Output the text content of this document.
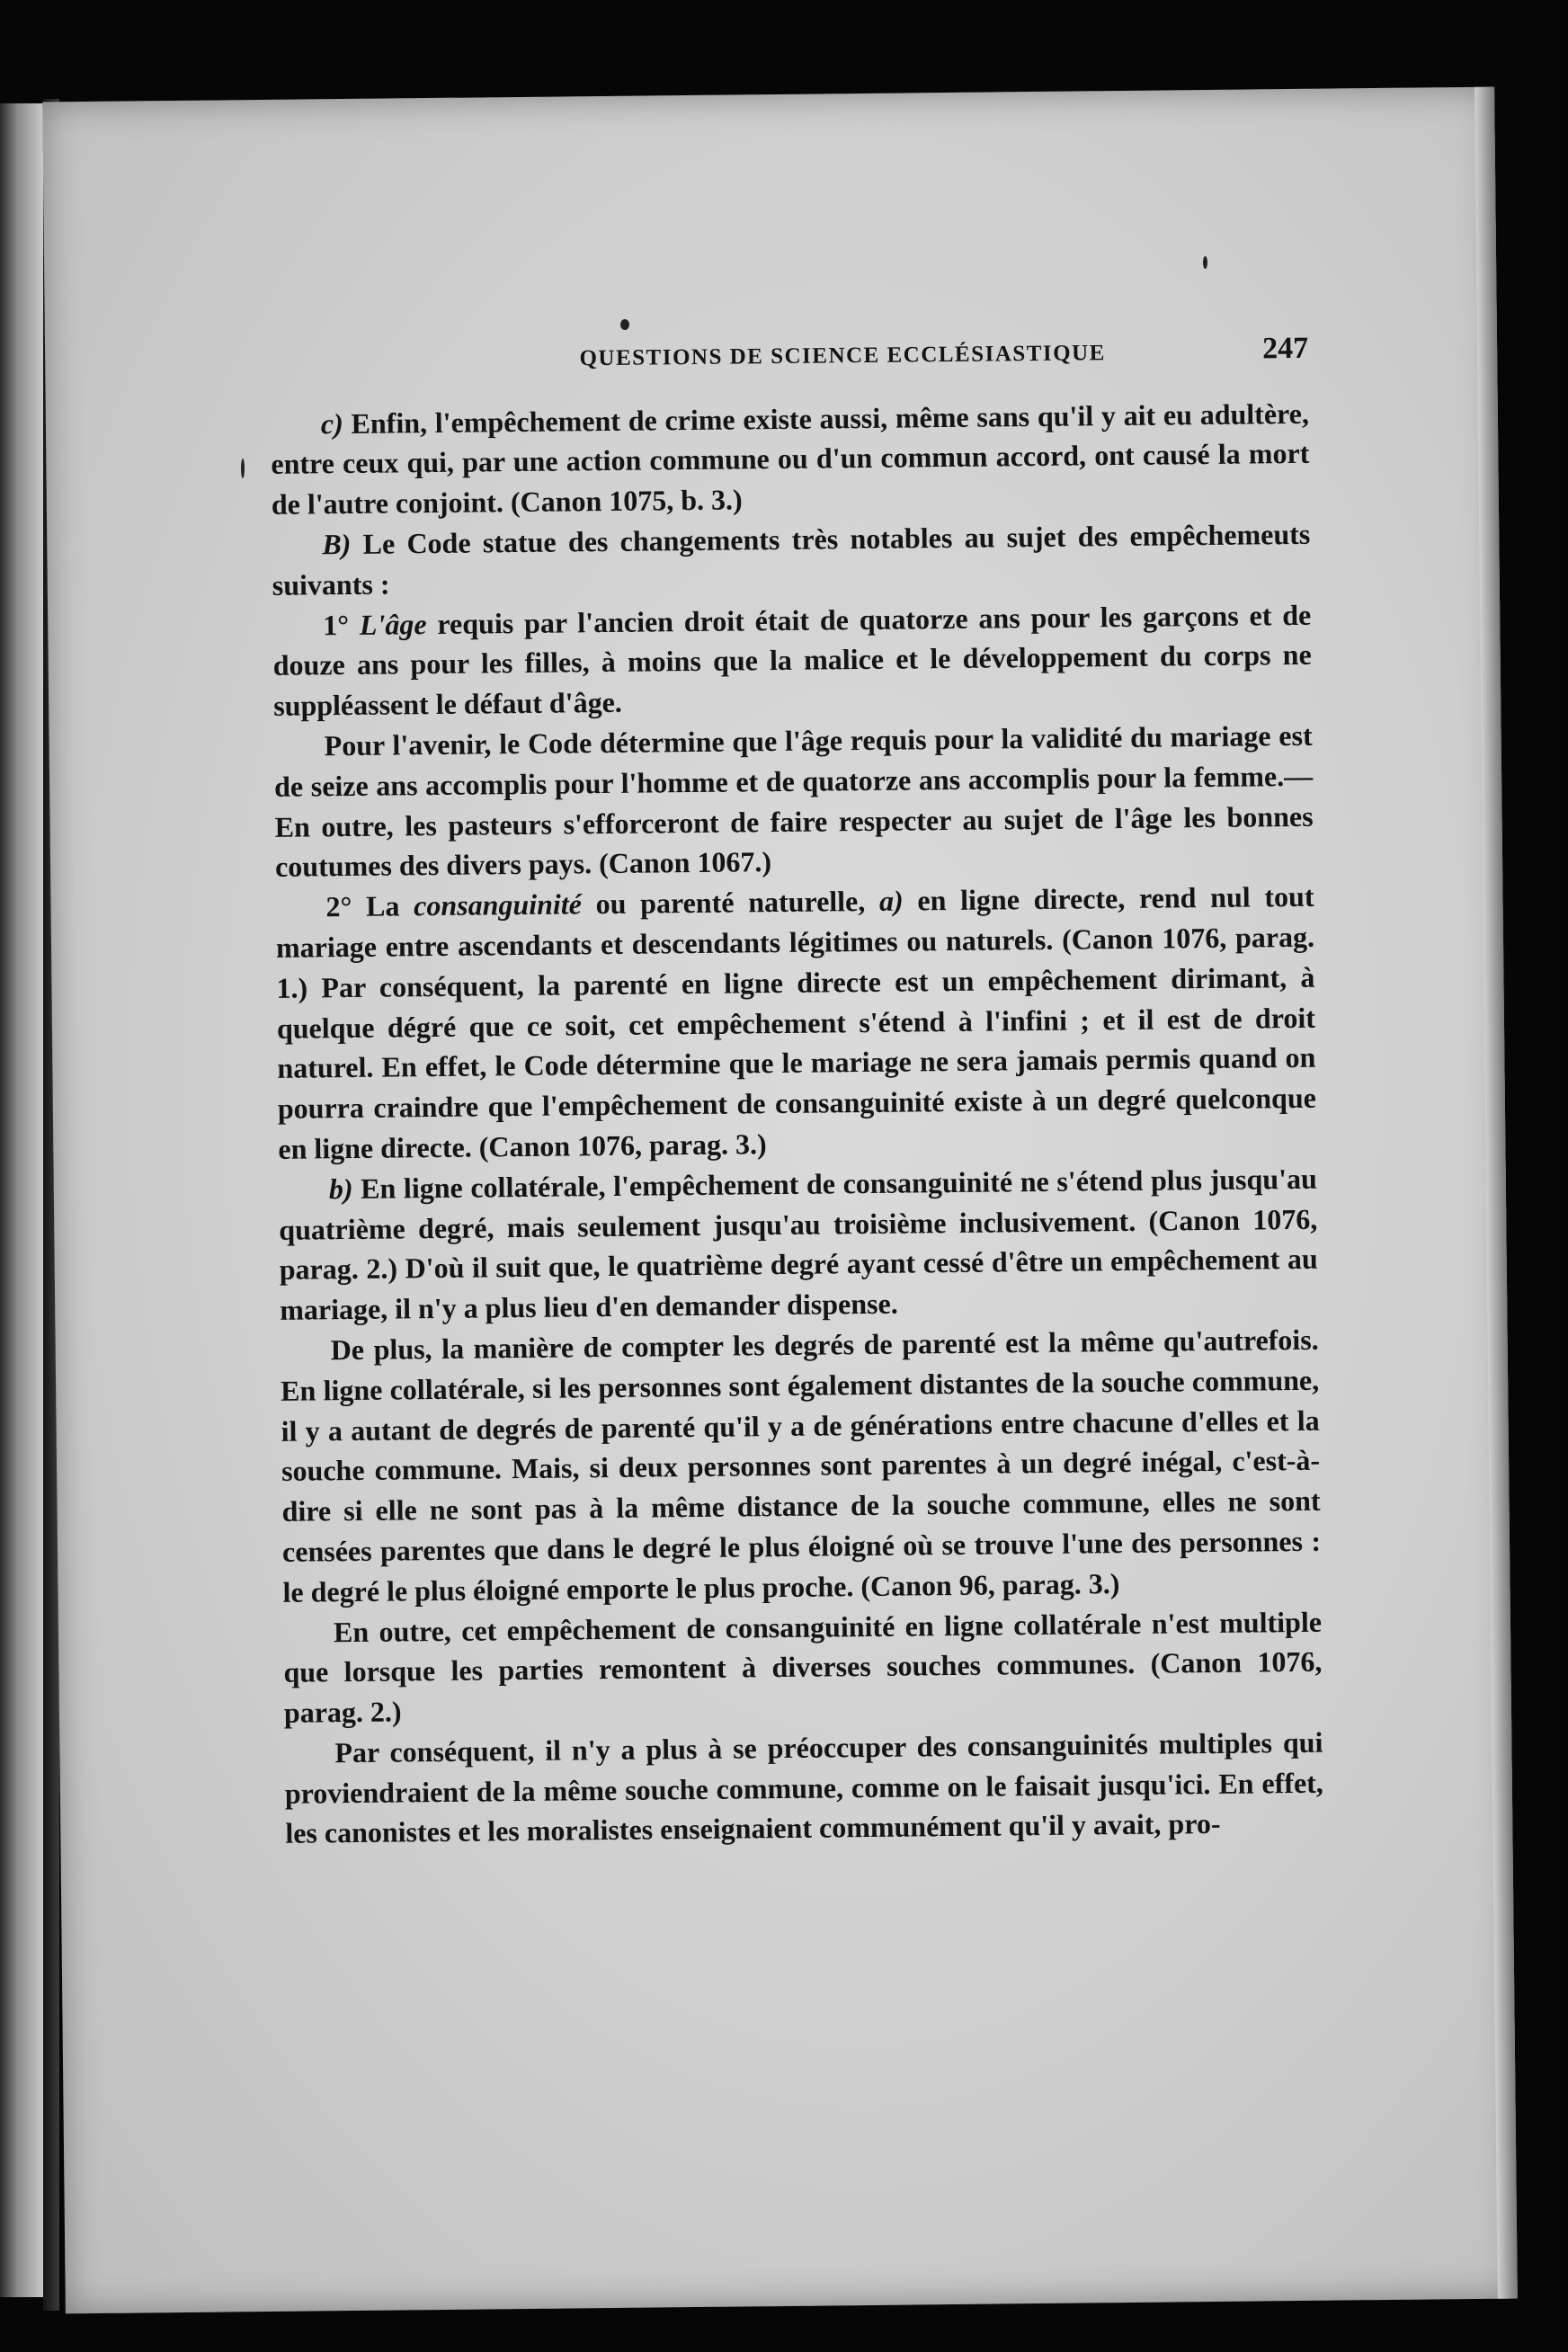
QUESTIONS DE SCIENCE ECCLÉSIASTIQUE	247

c) Enfin, l'empêchement de crime existe aussi, même sans qu'il y ait eu adultère, entre ceux qui, par une action commune ou d'un commun accord, ont causé la mort de l'autre conjoint. (Canon 1075, b. 3.)

B) Le Code statue des changements très notables au sujet des empêchemeuts suivants :

1° L'âge requis par l'ancien droit était de quatorze ans pour les garçons et de douze ans pour les filles, à moins que la malice et le développement du corps ne suppléassent le défaut d'âge.

Pour l'avenir, le Code détermine que l'âge requis pour la validité du mariage est de seize ans accomplis pour l'homme et de quatorze ans accomplis pour la femme.— En outre, les pasteurs s'efforceront de faire respecter au sujet de l'âge les bonnes coutumes des divers pays. (Canon 1067.)

2° La consanguinité ou parenté naturelle, a) en ligne directe, rend nul tout mariage entre ascendants et descendants légitimes ou naturels. (Canon 1076, parag. 1.) Par conséquent, la parenté en ligne directe est un empêchement dirimant, à quelque dégré que ce soit, cet empêchement s'étend à l'infini ; et il est de droit naturel. En effet, le Code détermine que le mariage ne sera jamais permis quand on pourra craindre que l'empêchement de consanguinité existe à un degré quelconque en ligne directe. (Canon 1076, parag. 3.)

b) En ligne collatérale, l'empêchement de consanguinité ne s'étend plus jusqu'au quatrième degré, mais seulement jusqu'au troisième inclusivement. (Canon 1076, parag. 2.) D'où il suit que, le quatrième degré ayant cessé d'être un empêchement au mariage, il n'y a plus lieu d'en demander dispense.

De plus, la manière de compter les degrés de parenté est la même qu'autrefois. En ligne collatérale, si les personnes sont également distantes de la souche commune, il y a autant de degrés de parenté qu'il y a de générations entre chacune d'elles et la souche commune. Mais, si deux personnes sont parentes à un degré inégal, c'est-à-dire si elle ne sont pas à la même distance de la souche commune, elles ne sont censées parentes que dans le degré le plus éloigné où se trouve l'une des personnes : le degré le plus éloigné emporte le plus proche. (Canon 96, parag. 3.)

En outre, cet empêchement de consanguinité en ligne collatérale n'est multiple que lorsque les parties remontent à diverses souches communes. (Canon 1076, parag. 2.)

Par conséquent, il n'y a plus à se préoccuper des consanguinités multiples qui proviendraient de la même souche commune, comme on le faisait jusqu'ici. En effet, les canonistes et les moralistes enseignaient communément qu'il y avait, pro-
